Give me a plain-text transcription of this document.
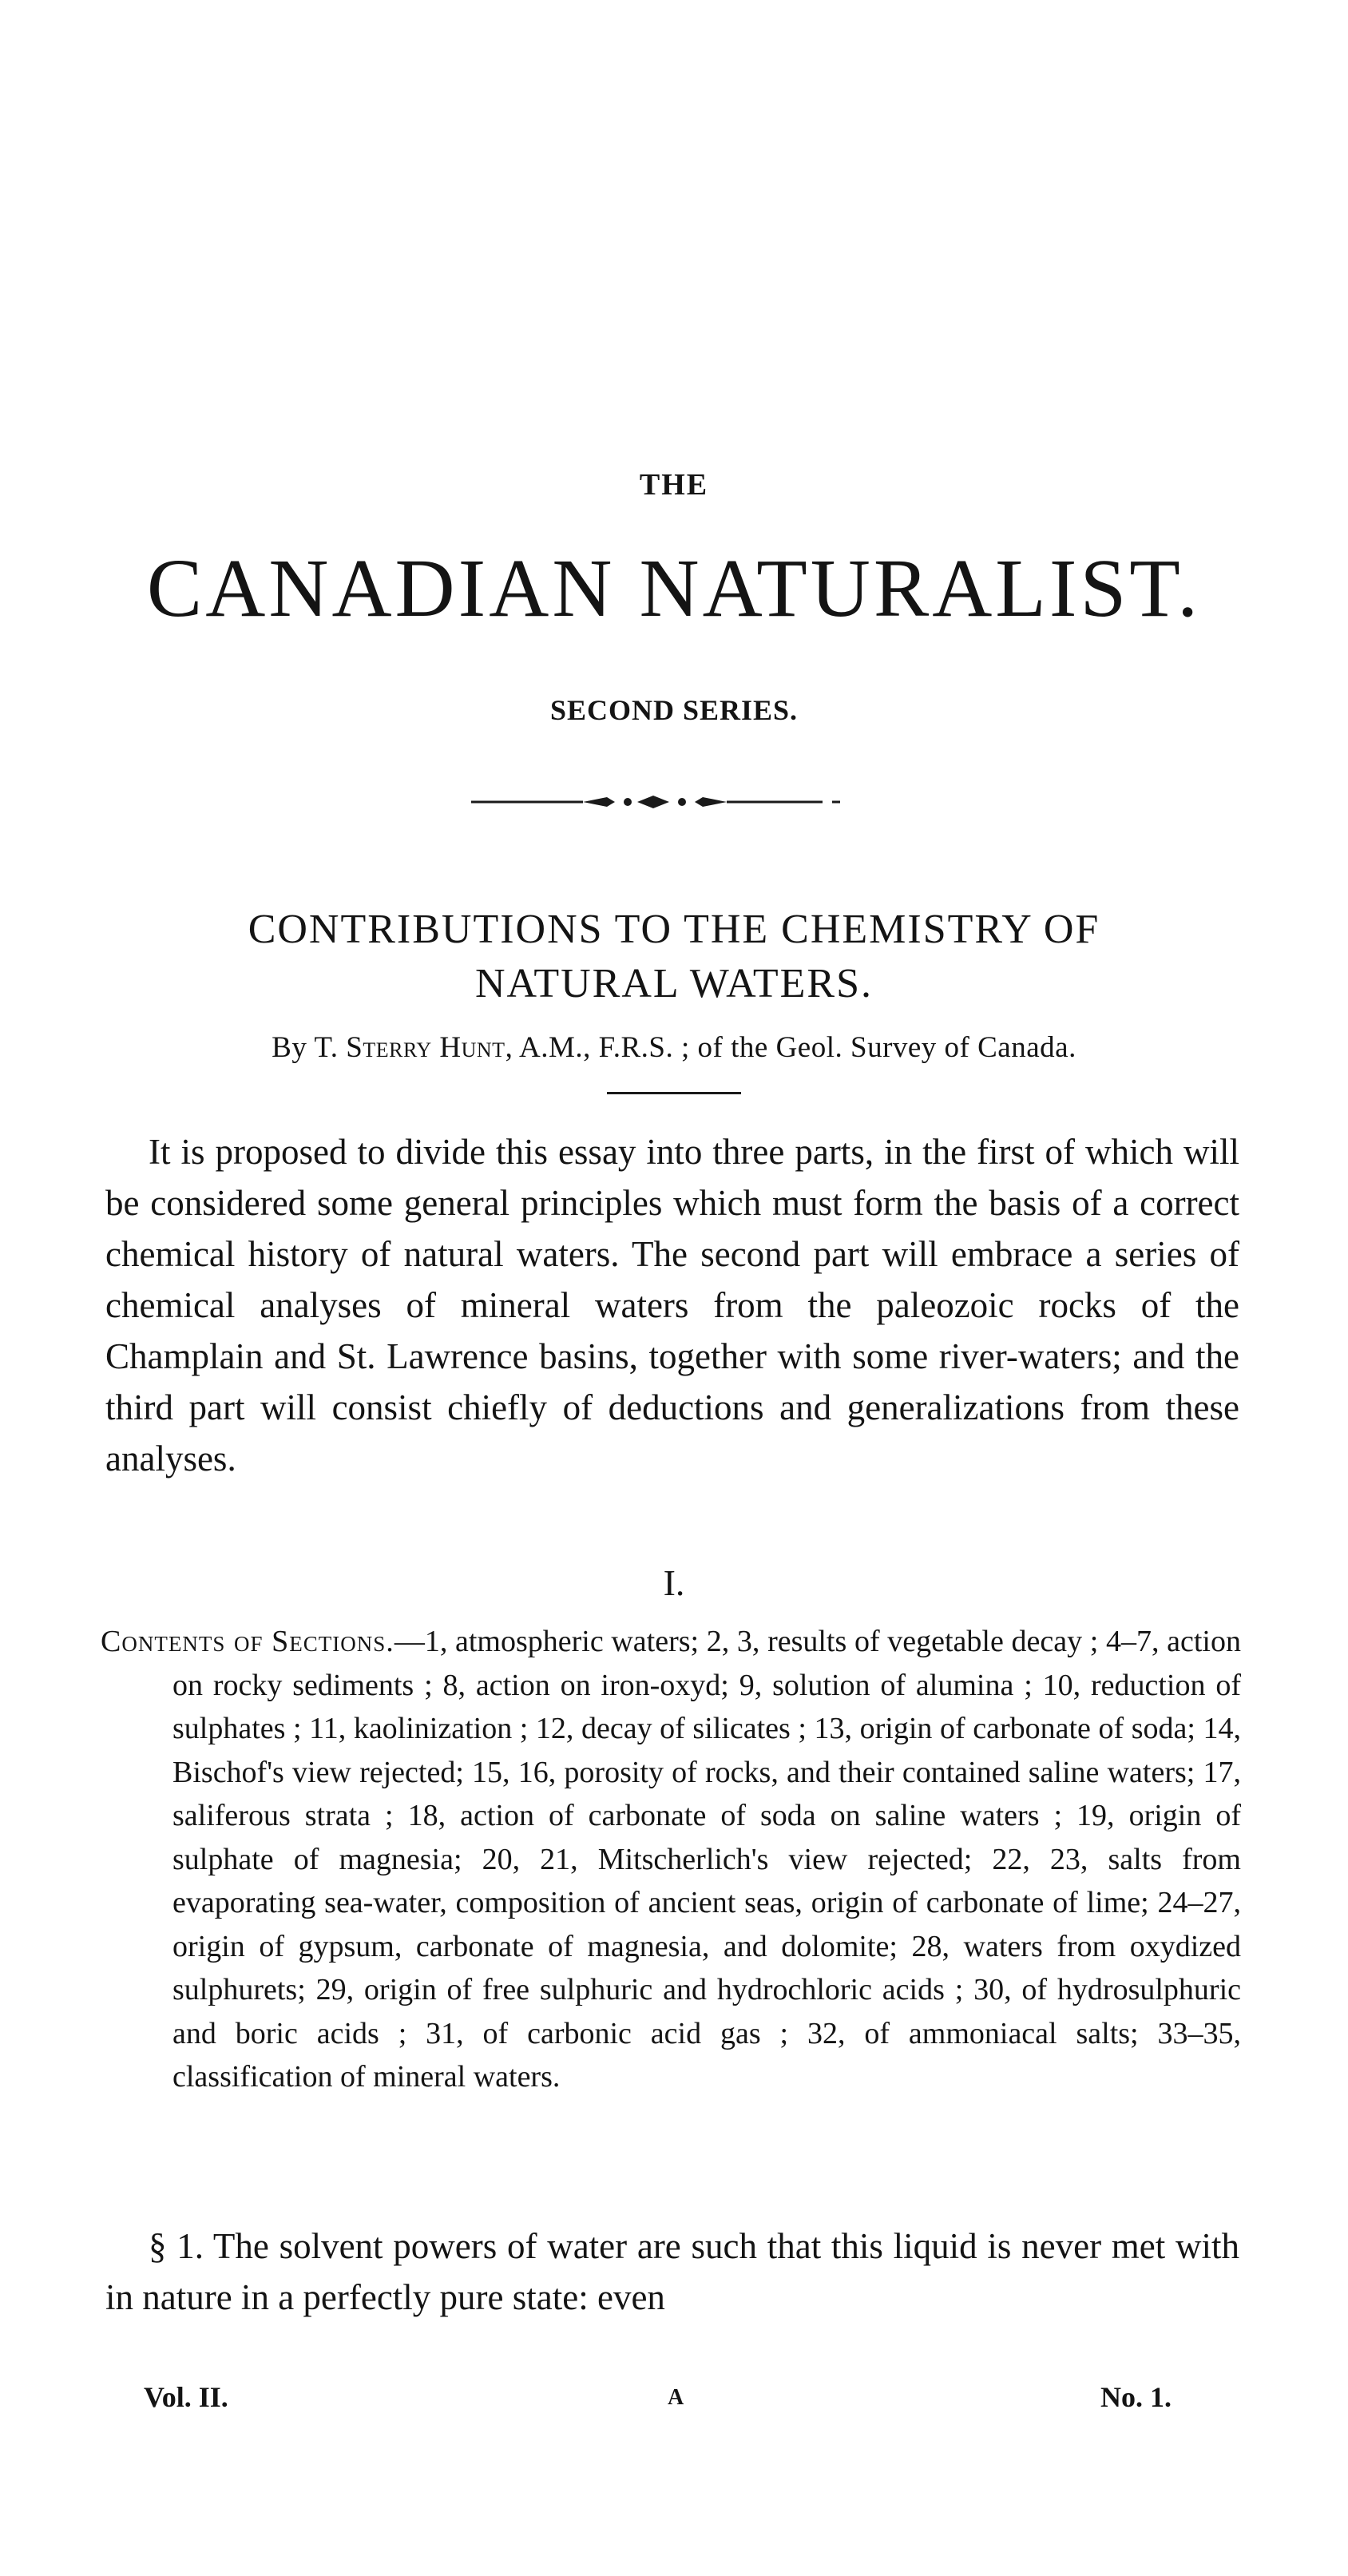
THE
CANADIAN NATURALIST.
SECOND SERIES.
CONTRIBUTIONS TO THE CHEMISTRY OF
NATURAL WATERS.
By T. Sterry Hunt, A.M., F.R.S. ; of the Geol. Survey of Canada.

It is proposed to divide this essay into three parts, in the first of which will be considered some general principles which must form the basis of a correct chemical history of natural waters. The second part will embrace a series of chemical analyses of mineral waters from the paleozoic rocks of the Champlain and St. Lawrence basins, together with some river-waters; and the third part will consist chiefly of deductions and generalizations from these analyses.

I.

Contents of Sections.—1, atmospheric waters; 2, 3, results of vegetable decay ; 4–7, action on rocky sediments ; 8, action on iron-oxyd; 9, solution of alumina ; 10, reduction of sulphates ; 11, kaolinization ; 12, decay of silicates ; 13, origin of carbonate of soda; 14, Bischof's view rejected; 15, 16, porosity of rocks, and their contained saline waters; 17, saliferous strata ; 18, action of carbonate of soda on saline waters ; 19, origin of sulphate of magnesia; 20, 21, Mitscherlich's view rejected; 22, 23, salts from evaporating sea-water, composition of ancient seas, origin of carbonate of lime; 24–27, origin of gypsum, carbonate of magnesia, and dolomite; 28, waters from oxydized sulphurets; 29, origin of free sulphuric and hydrochloric acids ; 30, of hydrosulphuric and boric acids ; 31, of carbonic acid gas ; 32, of ammoniacal salts; 33–35, classification of mineral waters.

§ 1. The solvent powers of water are such that this liquid is never met with in nature in a perfectly pure state: even

Vol. II.	A	No. 1.
